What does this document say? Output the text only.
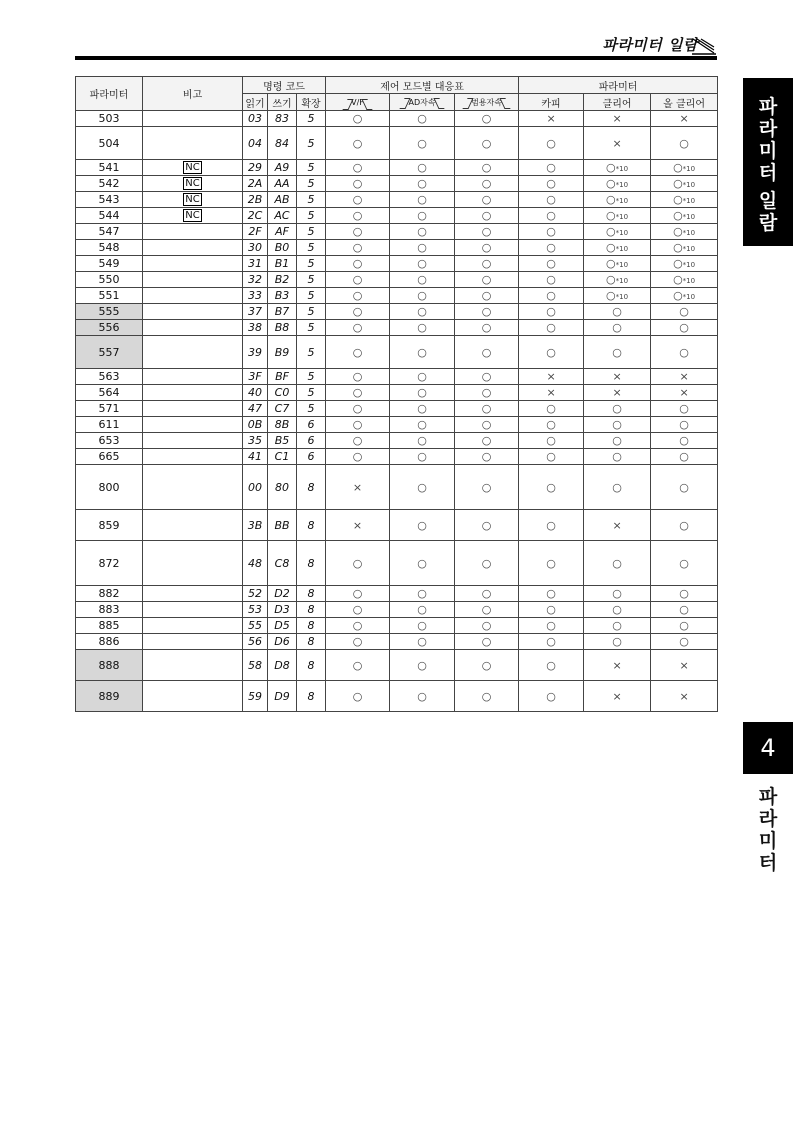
파라미터 일람
파
라
미
터
일
람
4
파
라
미
터
파라미터	비고	명령 코드			제어 모드별 대응표			파라미터		
		읽기	쓰기	확장	V/F	AD자속	범용자속	카피	클리어	올 클리어
503		03	83	5	○	○	○	×	×	×
504		04	84	5	○	○	○	○	×	○
541	NC	29	A9	5	○	○	○	○	○*10	○*10
542	NC	2A	AA	5	○	○	○	○	○*10	○*10
543	NC	2B	AB	5	○	○	○	○	○*10	○*10
544	NC	2C	AC	5	○	○	○	○	○*10	○*10
547		2F	AF	5	○	○	○	○	○*10	○*10
548		30	B0	5	○	○	○	○	○*10	○*10
549		31	B1	5	○	○	○	○	○*10	○*10
550		32	B2	5	○	○	○	○	○*10	○*10
551		33	B3	5	○	○	○	○	○*10	○*10
555		37	B7	5	○	○	○	○	○	○
556		38	B8	5	○	○	○	○	○	○
557		39	B9	5	○	○	○	○	○	○
563		3F	BF	5	○	○	○	×	×	×
564		40	C0	5	○	○	○	×	×	×
571		47	C7	5	○	○	○	○	○	○
611		0B	8B	6	○	○	○	○	○	○
653		35	B5	6	○	○	○	○	○	○
665		41	C1	6	○	○	○	○	○	○
800		00	80	8	×	○	○	○	○	○
859		3B	BB	8	×	○	○	○	×	○
872		48	C8	8	○	○	○	○	○	○
882		52	D2	8	○	○	○	○	○	○
883		53	D3	8	○	○	○	○	○	○
885		55	D5	8	○	○	○	○	○	○
886		56	D6	8	○	○	○	○	○	○
888		58	D8	8	○	○	○	○	×	×
889		59	D9	8	○	○	○	○	×	×
